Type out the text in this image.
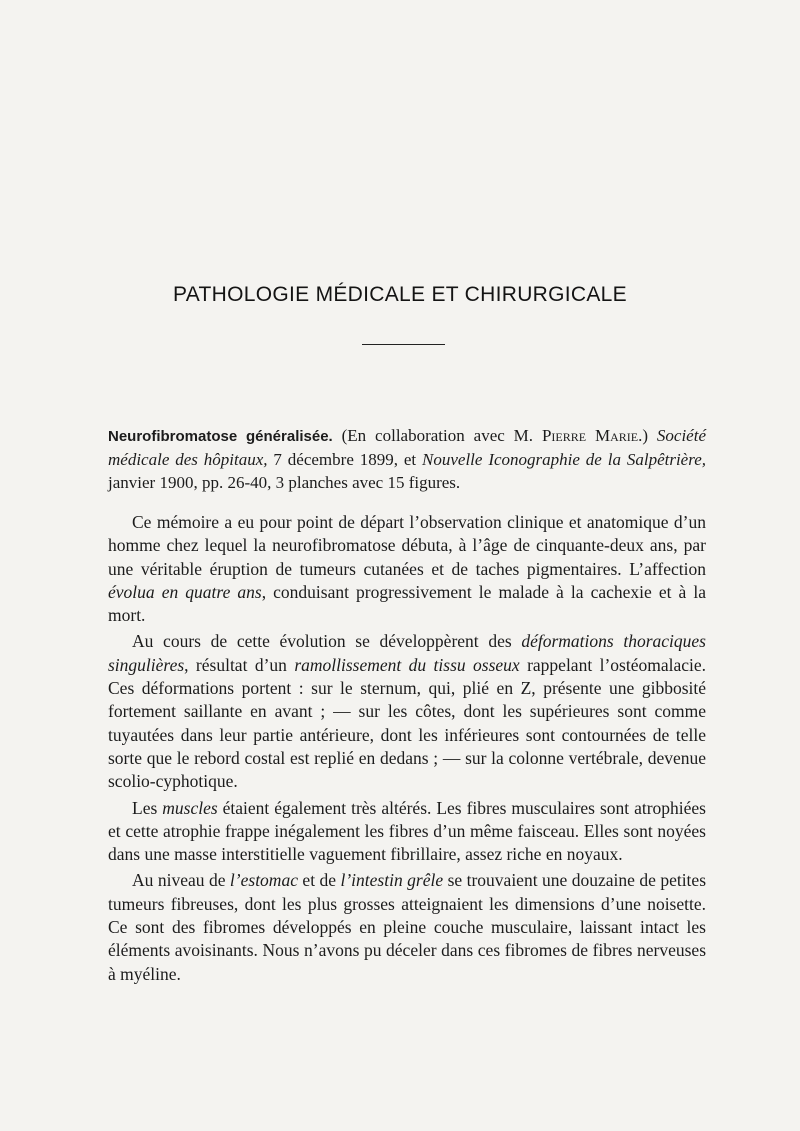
PATHOLOGIE MÉDICALE ET CHIRURGICALE

Neurofibromatose généralisée. (En collaboration avec M. Pierre Marie.) Société médicale des hôpitaux, 7 décembre 1899, et Nouvelle Iconographie de la Salpêtrière, janvier 1900, pp. 26-40, 3 planches avec 15 figures.

Ce mémoire a eu pour point de départ l’observation clinique et anatomique d’un homme chez lequel la neurofibromatose débuta, à l’âge de cinquante-deux ans, par une véritable éruption de tumeurs cutanées et de taches pigmentaires. L’affection évolua en quatre ans, conduisant progressivement le malade à la cachexie et à la mort.

Au cours de cette évolution se développèrent des déformations thoraciques singulières, résultat d’un ramollissement du tissu osseux rappelant l’ostéomalacie. Ces déformations portent : sur le sternum, qui, plié en Z, présente une gibbosité fortement saillante en avant ; — sur les côtes, dont les supérieures sont comme tuyautées dans leur partie antérieure, dont les inférieures sont contournées de telle sorte que le rebord costal est replié en dedans ; — sur la colonne vertébrale, devenue scolio-cyphotique.

Les muscles étaient également très altérés. Les fibres musculaires sont atrophiées et cette atrophie frappe inégalement les fibres d’un même faisceau. Elles sont noyées dans une masse interstitielle vaguement fibrillaire, assez riche en noyaux.

Au niveau de l’estomac et de l’intestin grêle se trouvaient une douzaine de petites tumeurs fibreuses, dont les plus grosses atteignaient les dimensions d’une noisette. Ce sont des fibromes développés en pleine couche musculaire, laissant intact les éléments avoisinants. Nous n’avons pu déceler dans ces fibromes de fibres nerveuses à myéline.
